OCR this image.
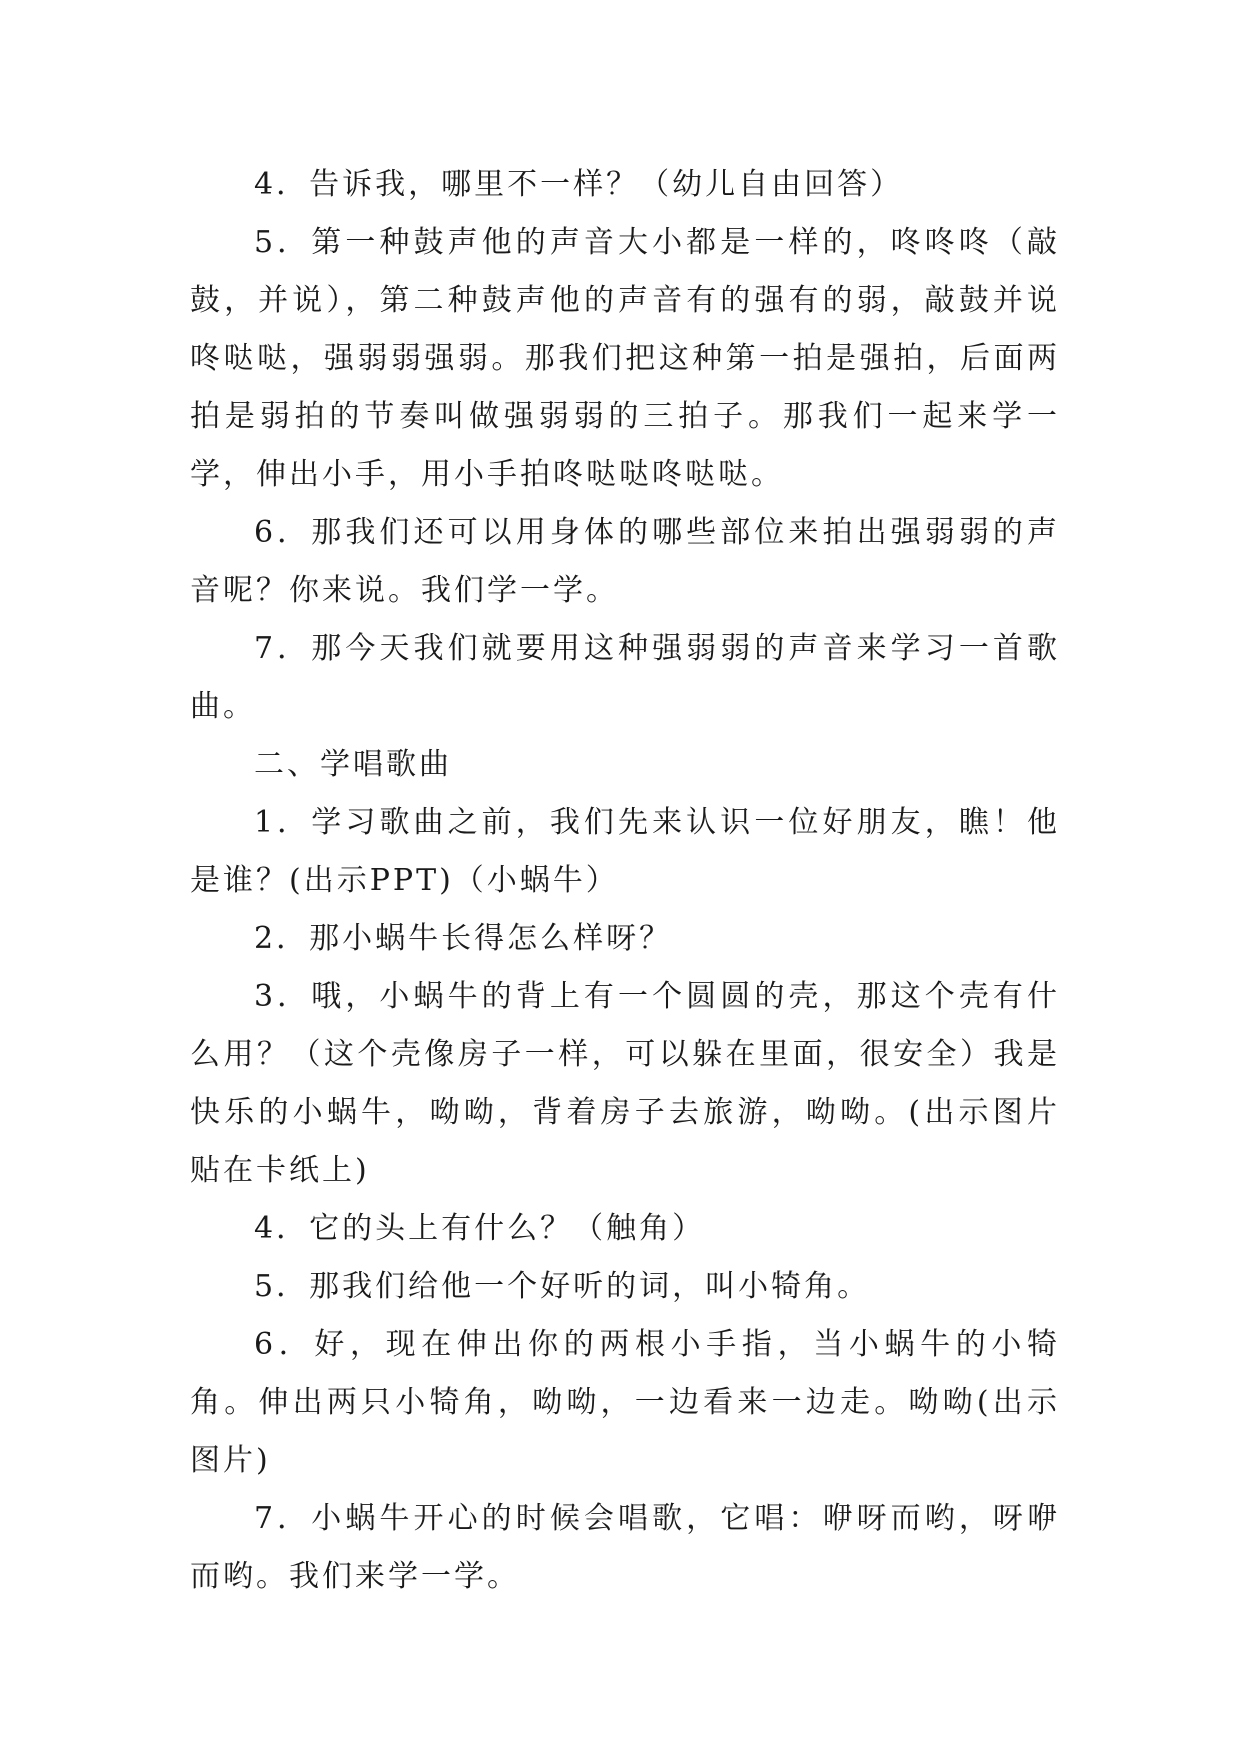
4．告诉我，哪里不一样？（幼儿自由回答）

5．第一种鼓声他的声音大小都是一样的，咚咚咚（敲鼓，并说），第二种鼓声他的声音有的强有的弱，敲鼓并说咚哒哒，强弱弱强弱。那我们把这种第一拍是强拍，后面两拍是弱拍的节奏叫做强弱弱的三拍子。那我们一起来学一学，伸出小手，用小手拍咚哒哒咚哒哒。

6．那我们还可以用身体的哪些部位来拍出强弱弱的声音呢？你来说。我们学一学。

7．那今天我们就要用这种强弱弱的声音来学习一首歌曲。

二、学唱歌曲

1．学习歌曲之前，我们先来认识一位好朋友，瞧！他是谁？(出示PPT)（小蜗牛）

2．那小蜗牛长得怎么样呀？

3．哦，小蜗牛的背上有一个圆圆的壳，那这个壳有什么用？（这个壳像房子一样，可以躲在里面，很安全）我是快乐的小蜗牛，呦呦，背着房子去旅游，呦呦。(出示图片贴在卡纸上)

4．它的头上有什么？（触角）

5．那我们给他一个好听的词，叫小犄角。

6．好，现在伸出你的两根小手指，当小蜗牛的小犄角。伸出两只小犄角，呦呦，一边看来一边走。呦呦(出示图片)

7．小蜗牛开心的时候会唱歌，它唱：咿呀而哟，呀咿而哟。我们来学一学。
